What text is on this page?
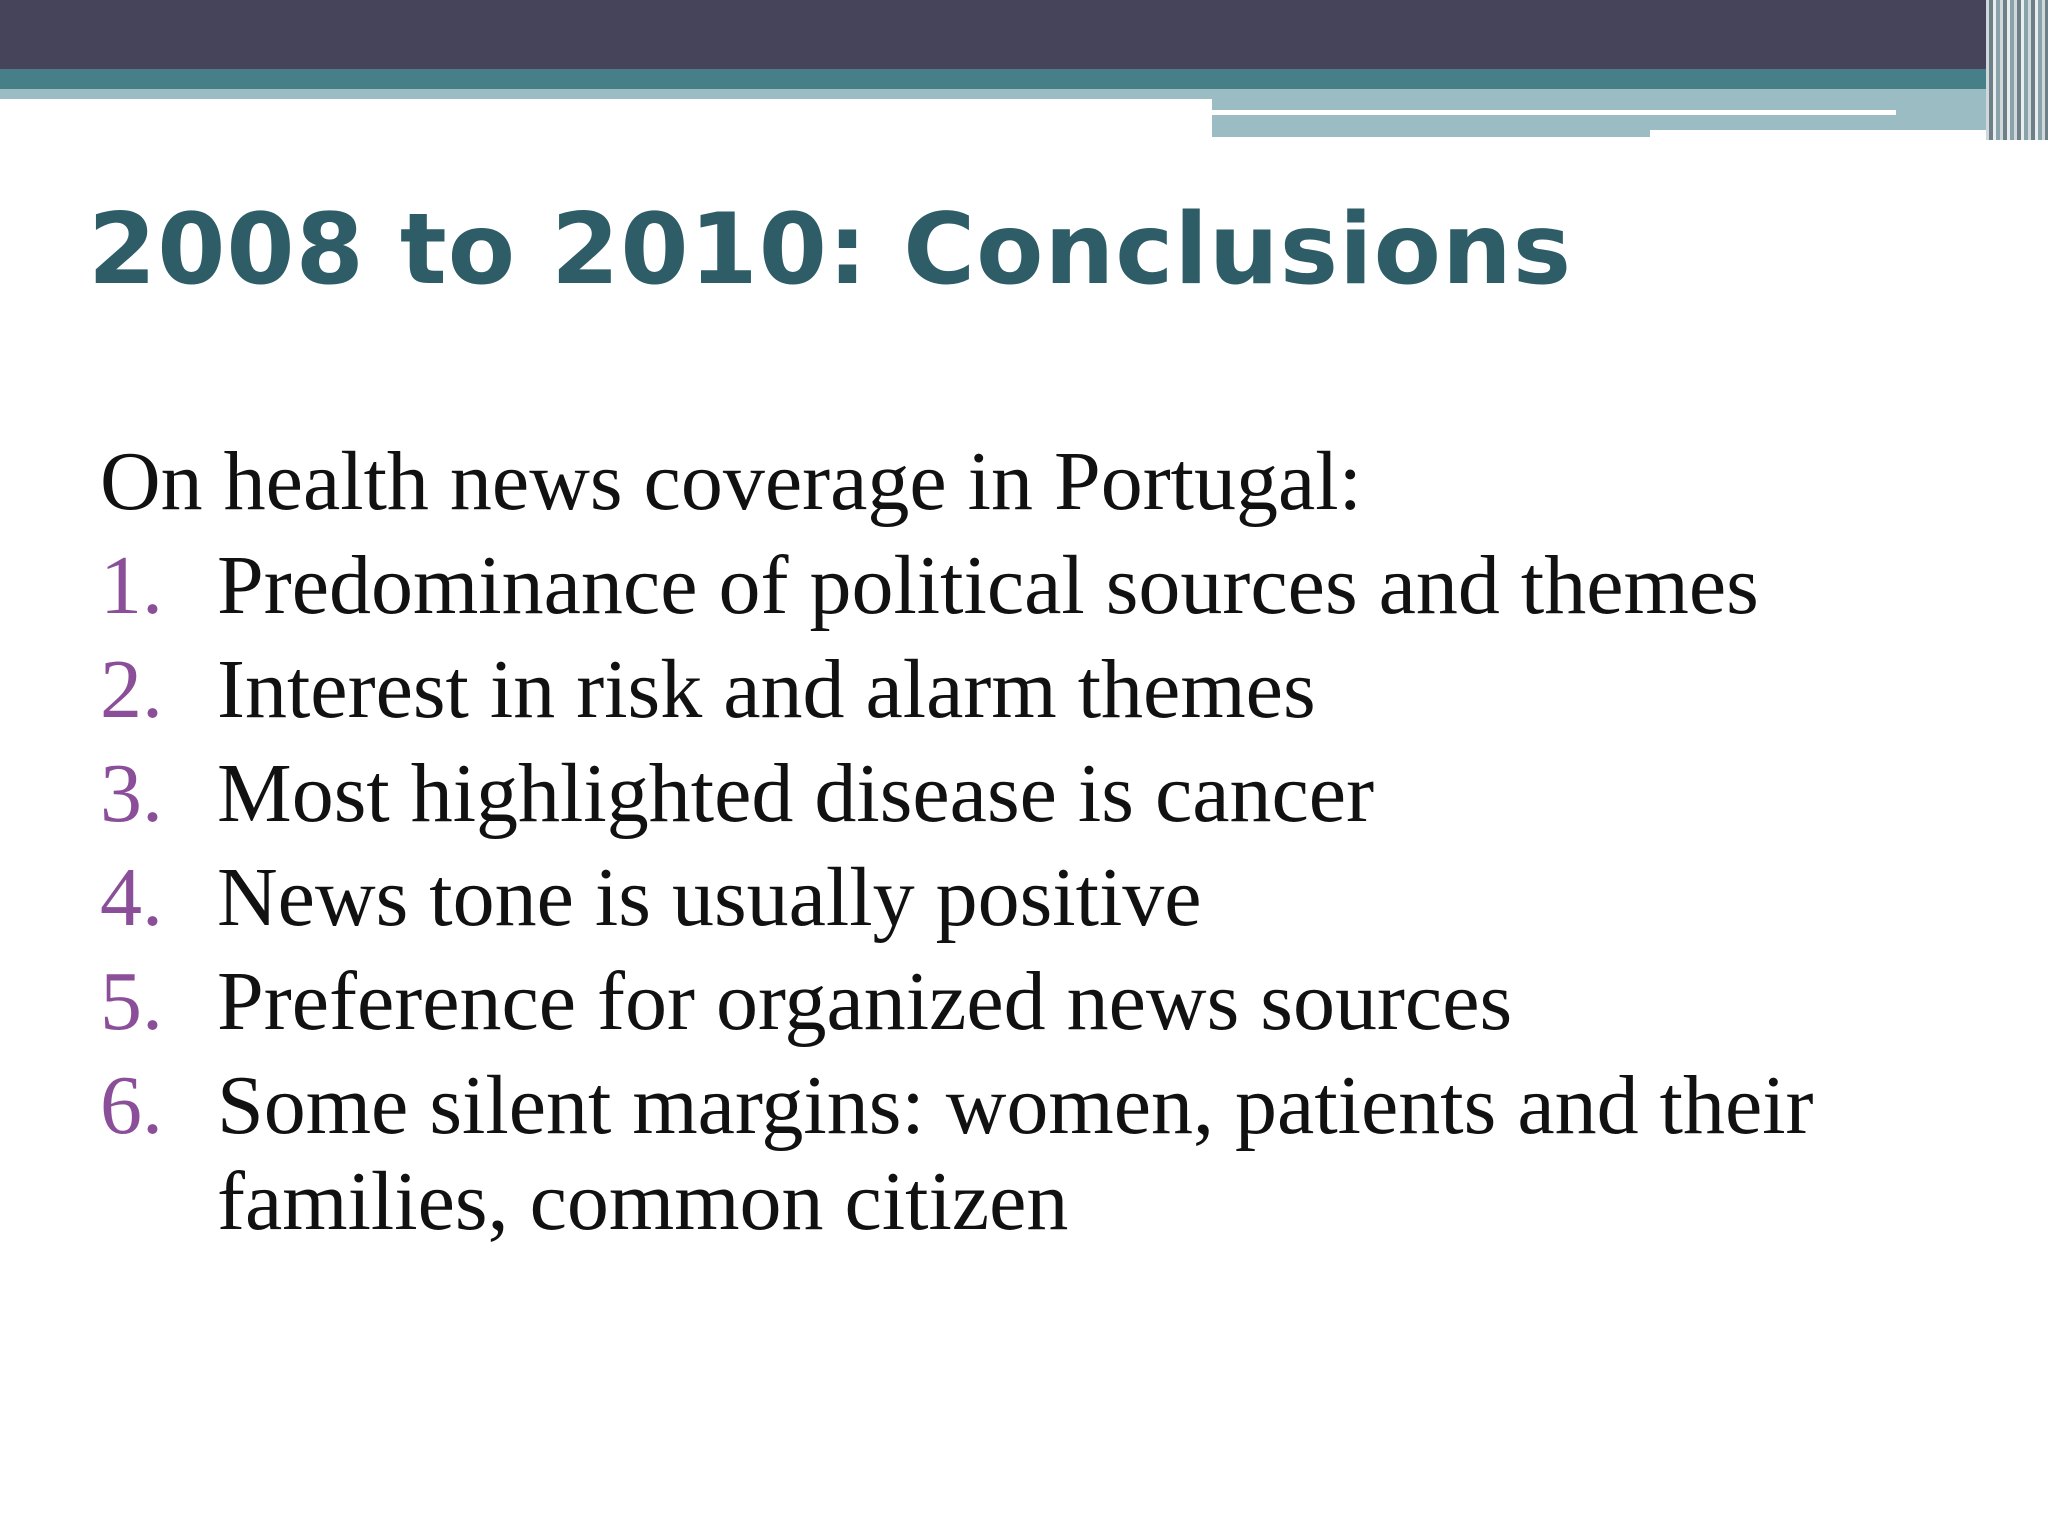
2008 to 2010: Conclusions

On health news coverage in Portugal:

1. Predominance of political sources and themes
2. Interest in risk and alarm themes
3. Most highlighted disease is cancer
4. News tone is usually positive
5. Preference for organized news sources
6. Some silent margins: women, patients and their families, common citizen
